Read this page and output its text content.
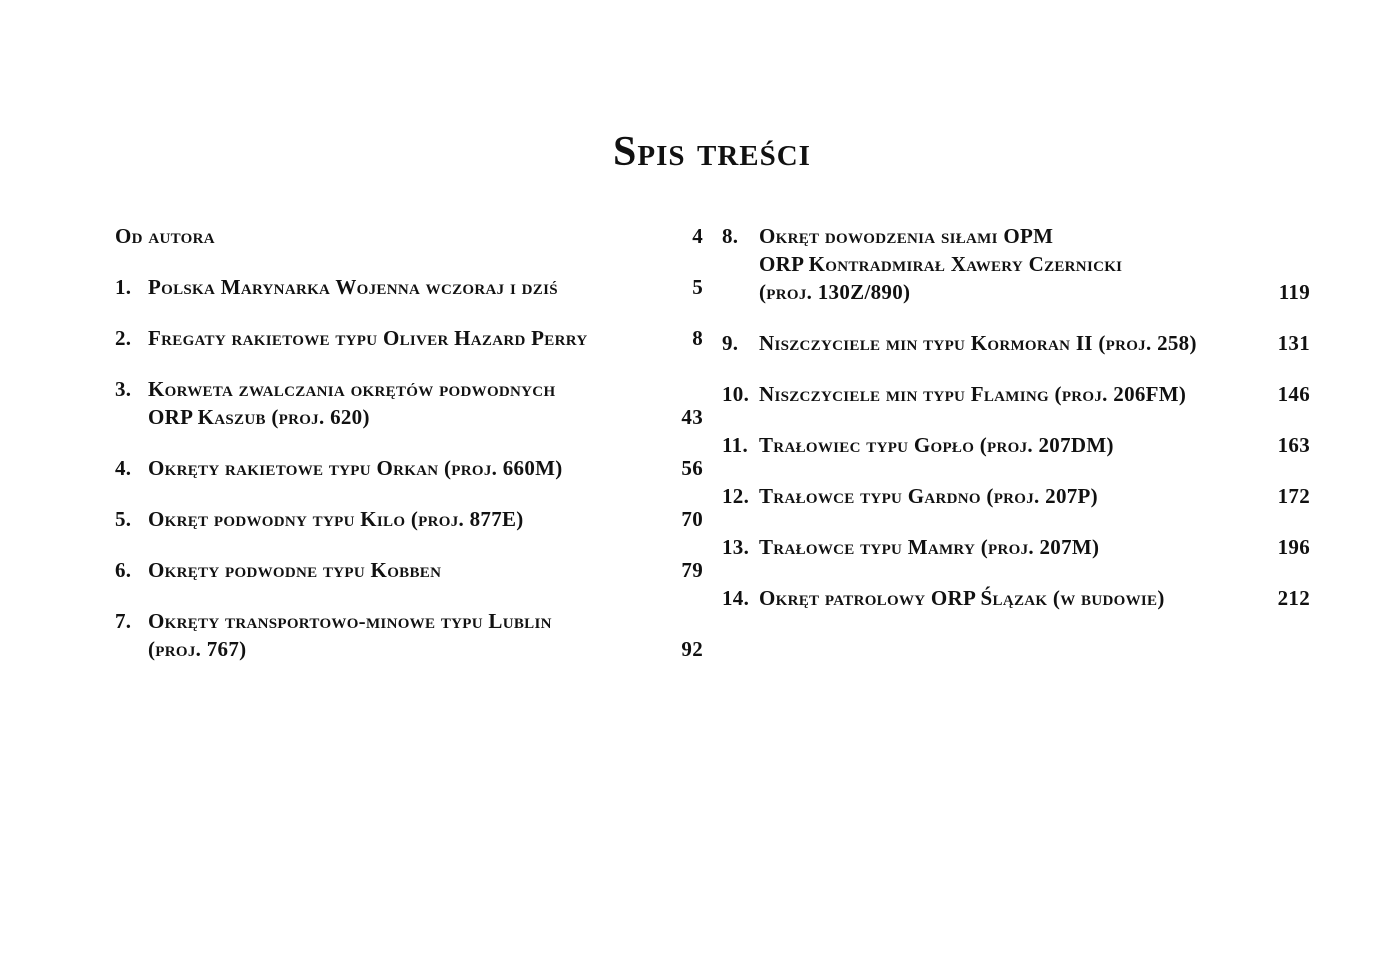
Spis treści
Od autora	4
1. Polska Marynarka Wojenna wczoraj i dziś	5
2. Fregaty rakietowe typu Oliver Hazard Perry	8
3. Korweta zwalczania okrętów podwodnych
ORP Kaszub (proj. 620)	43
4. Okręty rakietowe typu Orkan (proj. 660M)	56
5. Okręt podwodny typu Kilo (proj. 877E)	70
6. Okręty podwodne typu Kobben	79
7. Okręty transportowo-minowe typu Lublin
(proj. 767)	92
8. Okręt dowodzenia siłami OPM
ORP Kontradmirał Xawery Czernicki
(proj. 130Z/890)	119
9. Niszczyciele min typu Kormoran II (proj. 258)	131
10. Niszczyciele min typu Flaming (proj. 206FM)	146
11. Trałowiec typu Gopło (proj. 207DM)	163
12. Trałowce typu Gardno (proj. 207P)	172
13. Trałowce typu Mamry (proj. 207M)	196
14. Okręt patrolowy ORP Ślązak (w budowie)	212
